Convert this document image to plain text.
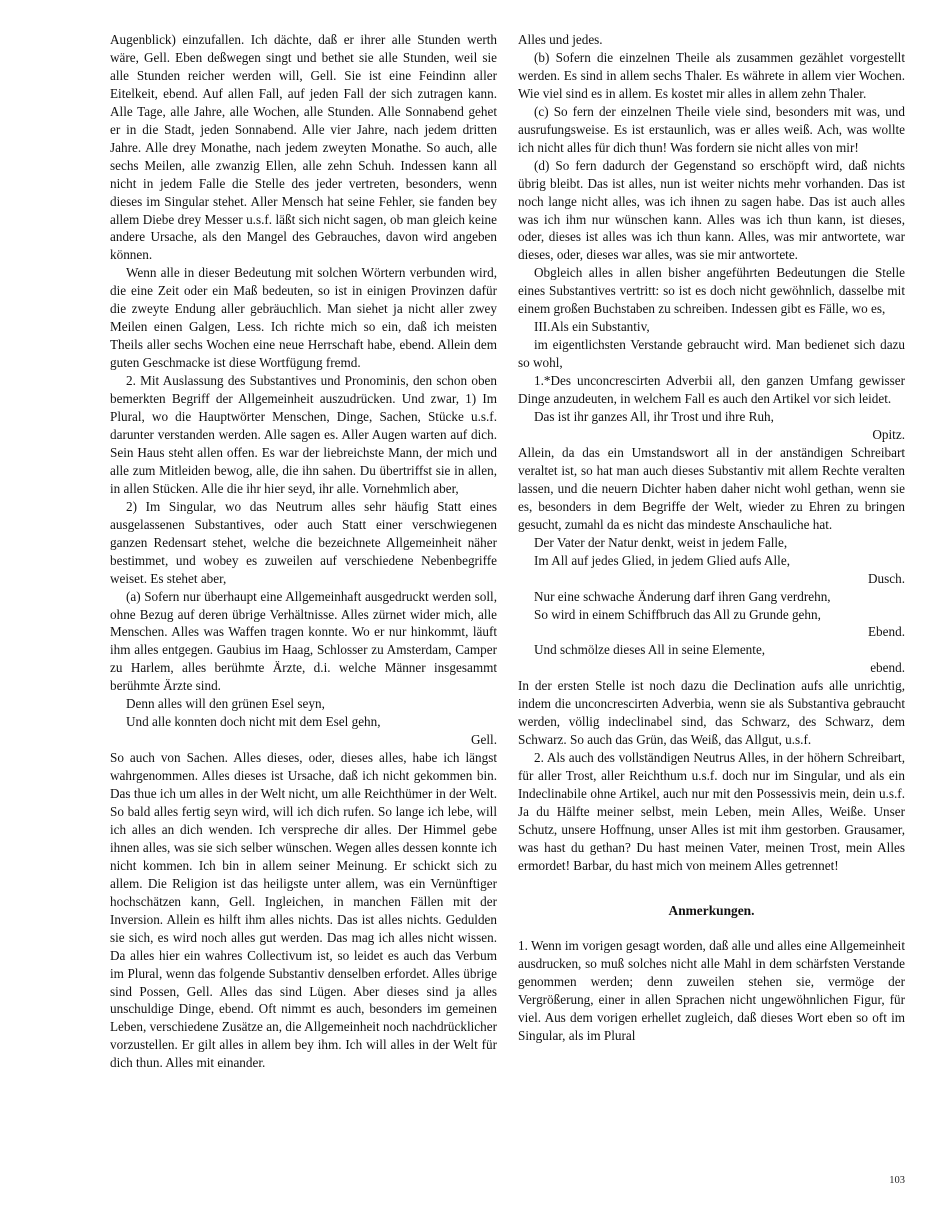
Augenblick) einzufallen. Ich dächte, daß er ihrer alle Stunden werth wäre, Gell. Eben deßwegen singt und bethet sie alle Stunden, weil sie alle Stunden reicher werden will, Gell. Sie ist eine Feindinn aller Eitelkeit, ebend. Auf allen Fall, auf jeden Fall der sich zutragen kann. Alle Tage, alle Jahre, alle Wochen, alle Stunden. Alle Sonnabend gehet er in die Stadt, jeden Sonnabend. Alle vier Jahre, nach jedem dritten Jahre. Alle drey Monathe, nach jedem zweyten Monathe. So auch, alle sechs Meilen, alle zwanzig Ellen, alle zehn Schuh. Indessen kann all nicht in jedem Falle die Stelle des jeder vertreten, besonders, wenn dieses im Singular stehet. Aller Mensch hat seine Fehler, sie fanden bey allem Diebe drey Messer u.s.f. läßt sich nicht sagen, ob man gleich keine andere Ursache, als den Mangel des Gebrauches, davon wird angeben können.

Wenn alle in dieser Bedeutung mit solchen Wörtern verbunden wird, die eine Zeit oder ein Maß bedeuten, so ist in einigen Provinzen dafür die zweyte Endung aller gebräuchlich. Man siehet ja nicht aller zwey Meilen einen Galgen, Less. Ich richte mich so ein, daß ich meisten Theils aller sechs Wochen eine neue Herrschaft habe, ebend. Allein dem guten Geschmacke ist diese Wortfügung fremd.

2. Mit Auslassung des Substantives und Pronominis, den schon oben bemerkten Begriff der Allgemeinheit auszudrücken. Und zwar, 1) Im Plural, wo die Hauptwörter Menschen, Dinge, Sachen, Stücke u.s.f. darunter verstanden werden. Alle sagen es. Aller Augen warten auf dich. Sein Haus steht allen offen. Es war der liebreichste Mann, der mich und alle zum Mitleiden bewog, alle, die ihn sahen. Du übertriffst sie in allen, in allen Stücken. Alle die ihr hier seyd, ihr alle. Vornehmlich aber,

2) Im Singular, wo das Neutrum alles sehr häufig Statt eines ausgelassenen Substantives, oder auch Statt einer verschwiegenen ganzen Redensart stehet, welche die bezeichnete Allgemeinheit näher bestimmet, und wobey es zuweilen auf verschiedene Nebenbegriffe weiset. Es stehet aber,

(a) Sofern nur überhaupt eine Allgemeinhaft ausgedruckt werden soll, ohne Bezug auf deren übrige Verhältnisse. Alles zürnet wider mich, alle Menschen. Alles was Waffen tragen konnte. Wo er nur hinkommt, läuft ihm alles entgegen. Gaubius im Haag, Schlosser zu Amsterdam, Camper zu Harlem, alles berühmte Ärzte, d.i. welche Männer insgesammt berühmte Ärzte sind.

Denn alles will den grünen Esel seyn,

Und alle konnten doch nicht mit dem Esel gehn,

Gell.

So auch von Sachen. Alles dieses, oder, dieses alles, habe ich längst wahrgenommen. Alles dieses ist Ursache, daß ich nicht gekommen bin. Das thue ich um alles in der Welt nicht, um alle Reichthümer in der Welt. So bald alles fertig seyn wird, will ich dich rufen. So lange ich lebe, will ich alles an dich wenden. Ich verspreche dir alles. Der Himmel gebe ihnen alles, was sie sich selber wünschen. Wegen alles dessen konnte ich nicht kommen. Ich bin in allem seiner Meinung. Er schickt sich zu allem. Die Religion ist das heiligste unter allem, was ein Vernünftiger hochschätzen kann, Gell. Ingleichen, in manchen Fällen mit der Inversion. Allein es hilft ihm alles nichts. Das ist alles nichts. Gedulden sie sich, es wird noch alles gut werden. Das mag ich alles nicht wissen. Da alles hier ein wahres Collectivum ist, so leidet es auch das Verbum im Plural, wenn das folgende Substantiv denselben erfordet. Alles übrige sind Possen, Gell. Alles das sind Lügen. Aber dieses sind ja alles unschuldige Dinge, ebend. Oft nimmt es auch, besonders im gemeinen Leben, verschiedene Zusätze an, die Allgemeinheit noch nachdrücklicher vorzustellen. Er gilt alles in allem bey ihm. Ich will alles in der Welt für dich thun. Alles mit einander.

Alles und jedes.

(b) Sofern die einzelnen Theile als zusammen gezählet vorgestellt werden. Es sind in allem sechs Thaler. Es währete in allem vier Wochen. Wie viel sind es in allem. Es kostet mir alles in allem zehn Thaler.

(c) So fern der einzelnen Theile viele sind, besonders mit was, und ausrufungsweise. Es ist erstaunlich, was er alles weiß. Ach, was wollte ich nicht alles für dich thun! Was fordern sie nicht alles von mir!

(d) So fern dadurch der Gegenstand so erschöpft wird, daß nichts übrig bleibt. Das ist alles, nun ist weiter nichts mehr vorhanden. Das ist noch lange nicht alles, was ich ihnen zu sagen habe. Das ist auch alles was ich ihm nur wünschen kann. Alles was ich thun kann, ist dieses, oder, dieses ist alles was ich thun kann. Alles, was mir antwortete, war dieses, oder, dieses war alles, was sie mir antwortete.

Obgleich alles in allen bisher angeführten Bedeutungen die Stelle eines Substantives vertritt: so ist es doch nicht gewöhnlich, dasselbe mit einem großen Buchstaben zu schreiben. Indessen gibt es Fälle, wo es,

III.Als ein Substantiv,

im eigentlichsten Verstande gebraucht wird. Man bedienet sich dazu so wohl,

1.*Des unconcrescirten Adverbii all, den ganzen Umfang gewisser Dinge anzudeuten, in welchem Fall es auch den Artikel vor sich leidet.

Das ist ihr ganzes All, ihr Trost und ihre Ruh,

Opitz.

Allein, da das ein Umstandswort all in der anständigen Schreibart veraltet ist, so hat man auch dieses Substantiv mit allem Rechte veralten lassen, und die neuern Dichter haben daher nicht wohl gethan, wenn sie es, besonders in dem Begriffe der Welt, wieder zu Ehren zu bringen gesucht, zumahl da es nicht das mindeste Anschauliche hat.

Der Vater der Natur denkt, weist in jedem Falle,

Im All auf jedes Glied, in jedem Glied aufs Alle,

Dusch.

Nur eine schwache Änderung darf ihren Gang verdrehn,

So wird in einem Schiffbruch das All zu Grunde gehn,

Ebend.

Und schmölze dieses All in seine Elemente,

ebend.

In der ersten Stelle ist noch dazu die Declination aufs alle unrichtig, indem die unconcrescirten Adverbia, wenn sie als Substantiva gebraucht werden, völlig indeclinabel sind, das Schwarz, des Schwarz, dem Schwarz. So auch das Grün, das Weiß, das Allgut, u.s.f.

2. Als auch des vollständigen Neutrus Alles, in der höhern Schreibart, für aller Trost, aller Reichthum u.s.f. doch nur im Singular, und als ein Indeclinabile ohne Artikel, auch nur mit den Possessivis mein, dein u.s.f. Ja du Hälfte meiner selbst, mein Leben, mein Alles, Weiße. Unser Schutz, unsere Hoffnung, unser Alles ist mit ihm gestorben. Grausamer, was hast du gethan? Du hast meinen Vater, meinen Trost, mein Alles ermordet! Barbar, du hast mich von meinem Alles getrennet!

Anmerkungen.

1. Wenn im vorigen gesagt worden, daß alle und alles eine Allgemeinheit ausdrucken, so muß solches nicht alle Mahl in dem schärfsten Verstande genommen werden; denn zuweilen stehen sie, vermöge der Vergrößerung, einer in allen Sprachen nicht ungewöhnlichen Figur, für viel. Aus dem vorigen erhellet zugleich, daß dieses Wort eben so oft im Singular, als im Plural

103
